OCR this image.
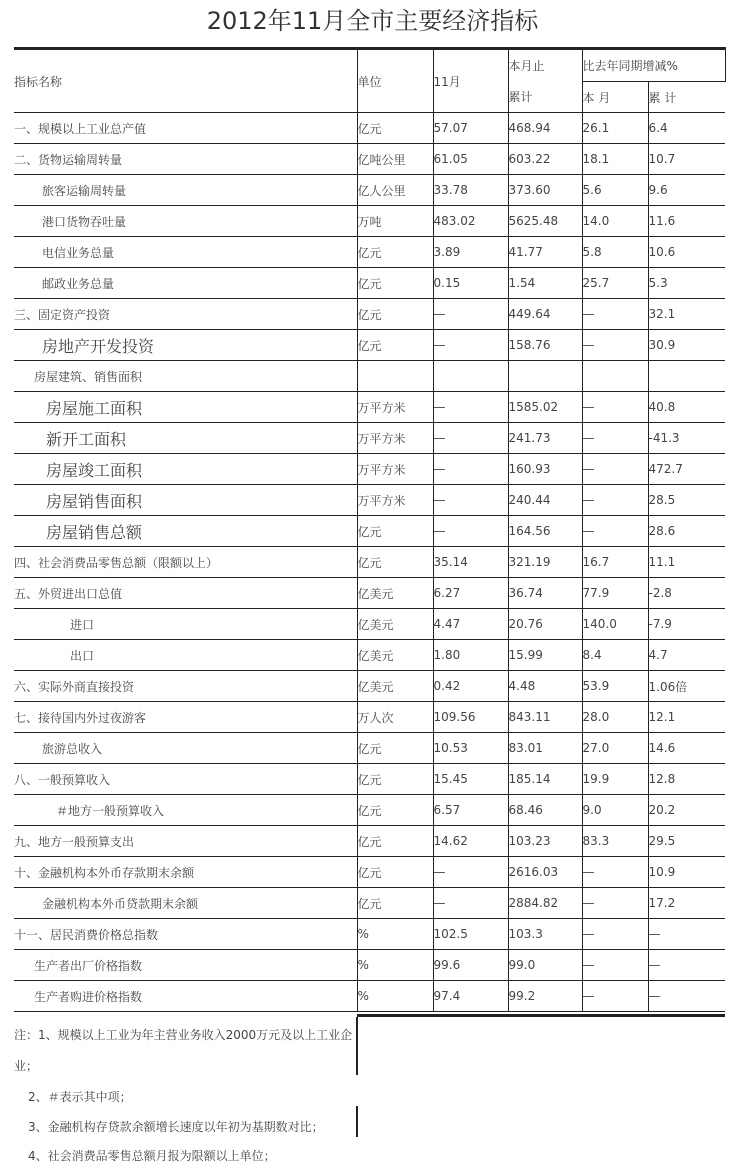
2012年11月全市主要经济指标
指标名称	单位	11月	本月止	比去年同期增减%	
			累计	本 月	累 计
一、规模以上工业总产值	亿元	57.07	468.94	26.1	6.4
二、货物运输周转量	亿吨公里	61.05	603.22	18.1	10.7
旅客运输周转量	亿人公里	33.78	373.60	5.6	9.6
港口货物吞吐量	万吨	483.02	5625.48	14.0	11.6
电信业务总量	亿元	3.89	41.77	5.8	10.6
邮政业务总量	亿元	0.15	1.54	25.7	5.3
三、固定资产投资	亿元	—	449.64	—	32.1
房地产开发投资	亿元	—	158.76	—	30.9
房屋建筑、销售面积					
房屋施工面积	万平方米	—	1585.02	—	40.8
新开工面积	万平方米	—	241.73	—	-41.3
房屋竣工面积	万平方米	—	160.93	—	472.7
房屋销售面积	万平方米	—	240.44	—	28.5
房屋销售总额	亿元	—	164.56	—	28.6
四、社会消费品零售总额（限额以上）	亿元	35.14	321.19	16.7	11.1
五、外贸进出口总值	亿美元	6.27	36.74	77.9	-2.8
进口	亿美元	4.47	20.76	140.0	-7.9
出口	亿美元	1.80	15.99	8.4	4.7
六、实际外商直接投资	亿美元	0.42	4.48	53.9	1.06倍
七、接待国内外过夜游客	万人次	109.56	843.11	28.0	12.1
旅游总收入	亿元	10.53	83.01	27.0	14.6
八、一般预算收入	亿元	15.45	185.14	19.9	12.8
＃地方一般预算收入	亿元	6.57	68.46	9.0	20.2
九、地方一般预算支出	亿元	14.62	103.23	83.3	29.5
十、金融机构本外币存款期末余额	亿元	—	2616.03	—	10.9
金融机构本外币贷款期末余额	亿元	—	2884.82	—	17.2
十一、居民消费价格总指数	%	102.5	103.3	—	—
生产者出厂价格指数	%	99.6	99.0	—	—
生产者购进价格指数	%	97.4	99.2	—	—
注：1、规模以上工业为年主营业务收入2000万元及以上工业企
业；
2、＃表示其中项；
3、金融机构存贷款余额增长速度以年初为基期数对比；
4、社会消费品零售总额月报为限额以上单位；
